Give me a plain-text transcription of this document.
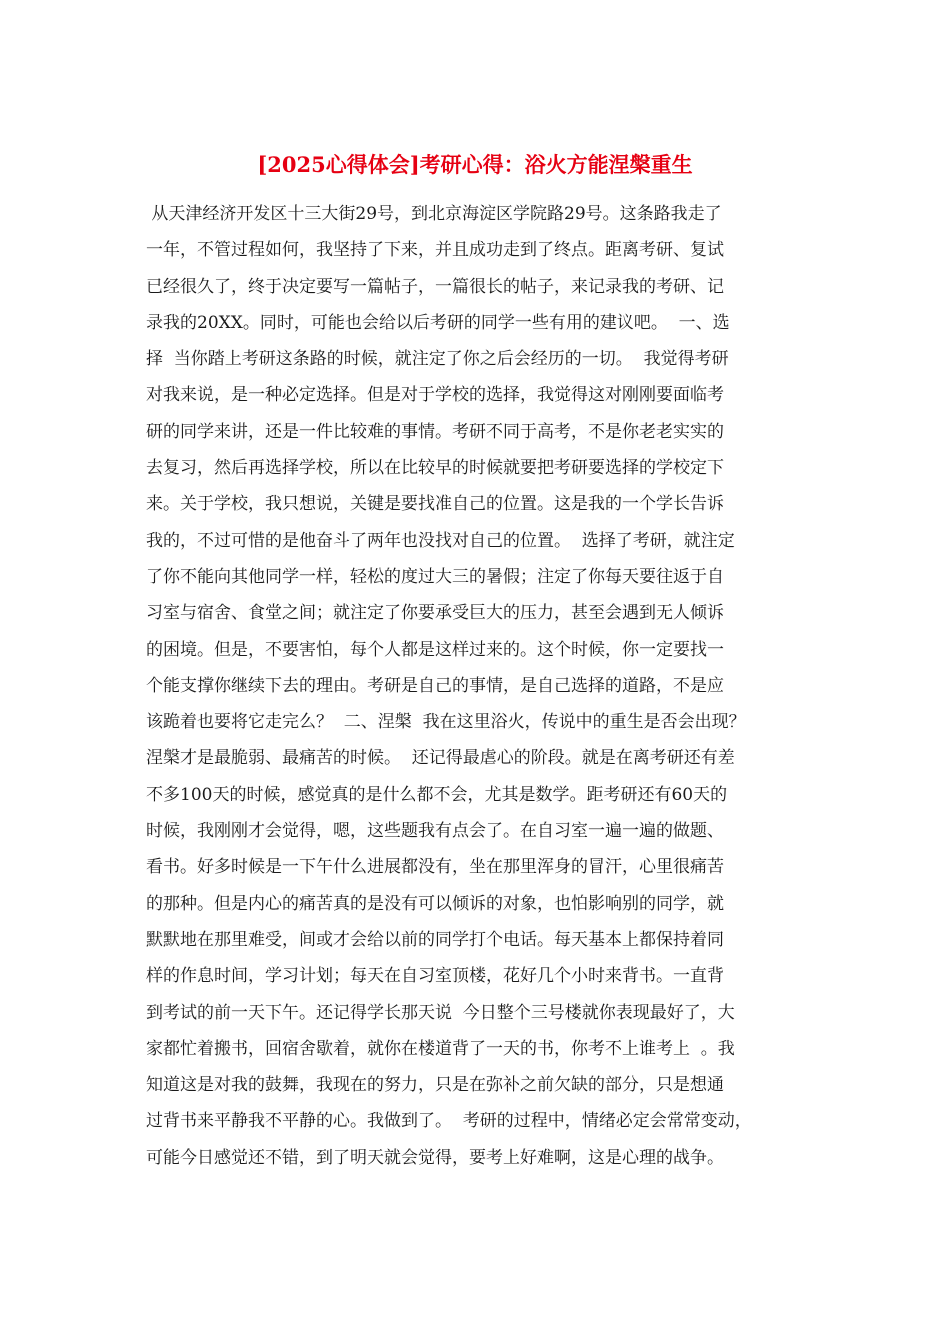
[2025心得体会]考研心得：浴火方能涅槃重生
从天津经济开发区十三大街29号，到北京海淀区学院路29号。这条路我走了
一年，不管过程如何，我坚持了下来，并且成功走到了终点。距离考研、复试
已经很久了，终于决定要写一篇帖子，一篇很长的帖子，来记录我的考研、记
录我的20XX。同时，可能也会给以后考研的同学一些有用的建议吧。  一、选
择  当你踏上考研这条路的时候，就注定了你之后会经历的一切。  我觉得考研
对我来说，是一种必定选择。但是对于学校的选择，我觉得这对刚刚要面临考
研的同学来讲，还是一件比较难的事情。考研不同于高考，不是你老老实实的
去复习，然后再选择学校，所以在比较早的时候就要把考研要选择的学校定下
来。关于学校，我只想说，关键是要找准自己的位置。这是我的一个学长告诉
我的，不过可惜的是他奋斗了两年也没找对自己的位置。  选择了考研，就注定
了你不能向其他同学一样，轻松的度过大三的暑假；注定了你每天要往返于自
习室与宿舍、食堂之间；就注定了你要承受巨大的压力，甚至会遇到无人倾诉
的困境。但是，不要害怕，每个人都是这样过来的。这个时候，你一定要找一
个能支撑你继续下去的理由。考研是自己的事情，是自己选择的道路，不是应
该跪着也要将它走完么？  二、涅槃  我在这里浴火，传说中的重生是否会出现？
涅槃才是最脆弱、最痛苦的时候。  还记得最虐心的阶段。就是在离考研还有差
不多100天的时候，感觉真的是什么都不会，尤其是数学。距考研还有60天的
时候，我刚刚才会觉得，嗯，这些题我有点会了。在自习室一遍一遍的做题、
看书。好多时候是一下午什么进展都没有，坐在那里浑身的冒汗，心里很痛苦
的那种。但是内心的痛苦真的是没有可以倾诉的对象，也怕影响别的同学，就
默默地在那里难受，间或才会给以前的同学打个电话。每天基本上都保持着同
样的作息时间，学习计划；每天在自习室顶楼，花好几个小时来背书。一直背
到考试的前一天下午。还记得学长那天说  今日整个三号楼就你表现最好了，大
家都忙着搬书，回宿舍歇着，就你在楼道背了一天的书，你考不上谁考上  。我
知道这是对我的鼓舞，我现在的努力，只是在弥补之前欠缺的部分，只是想通
过背书来平静我不平静的心。我做到了。  考研的过程中，情绪必定会常常变动，
可能今日感觉还不错，到了明天就会觉得，要考上好难啊，这是心理的战争。
